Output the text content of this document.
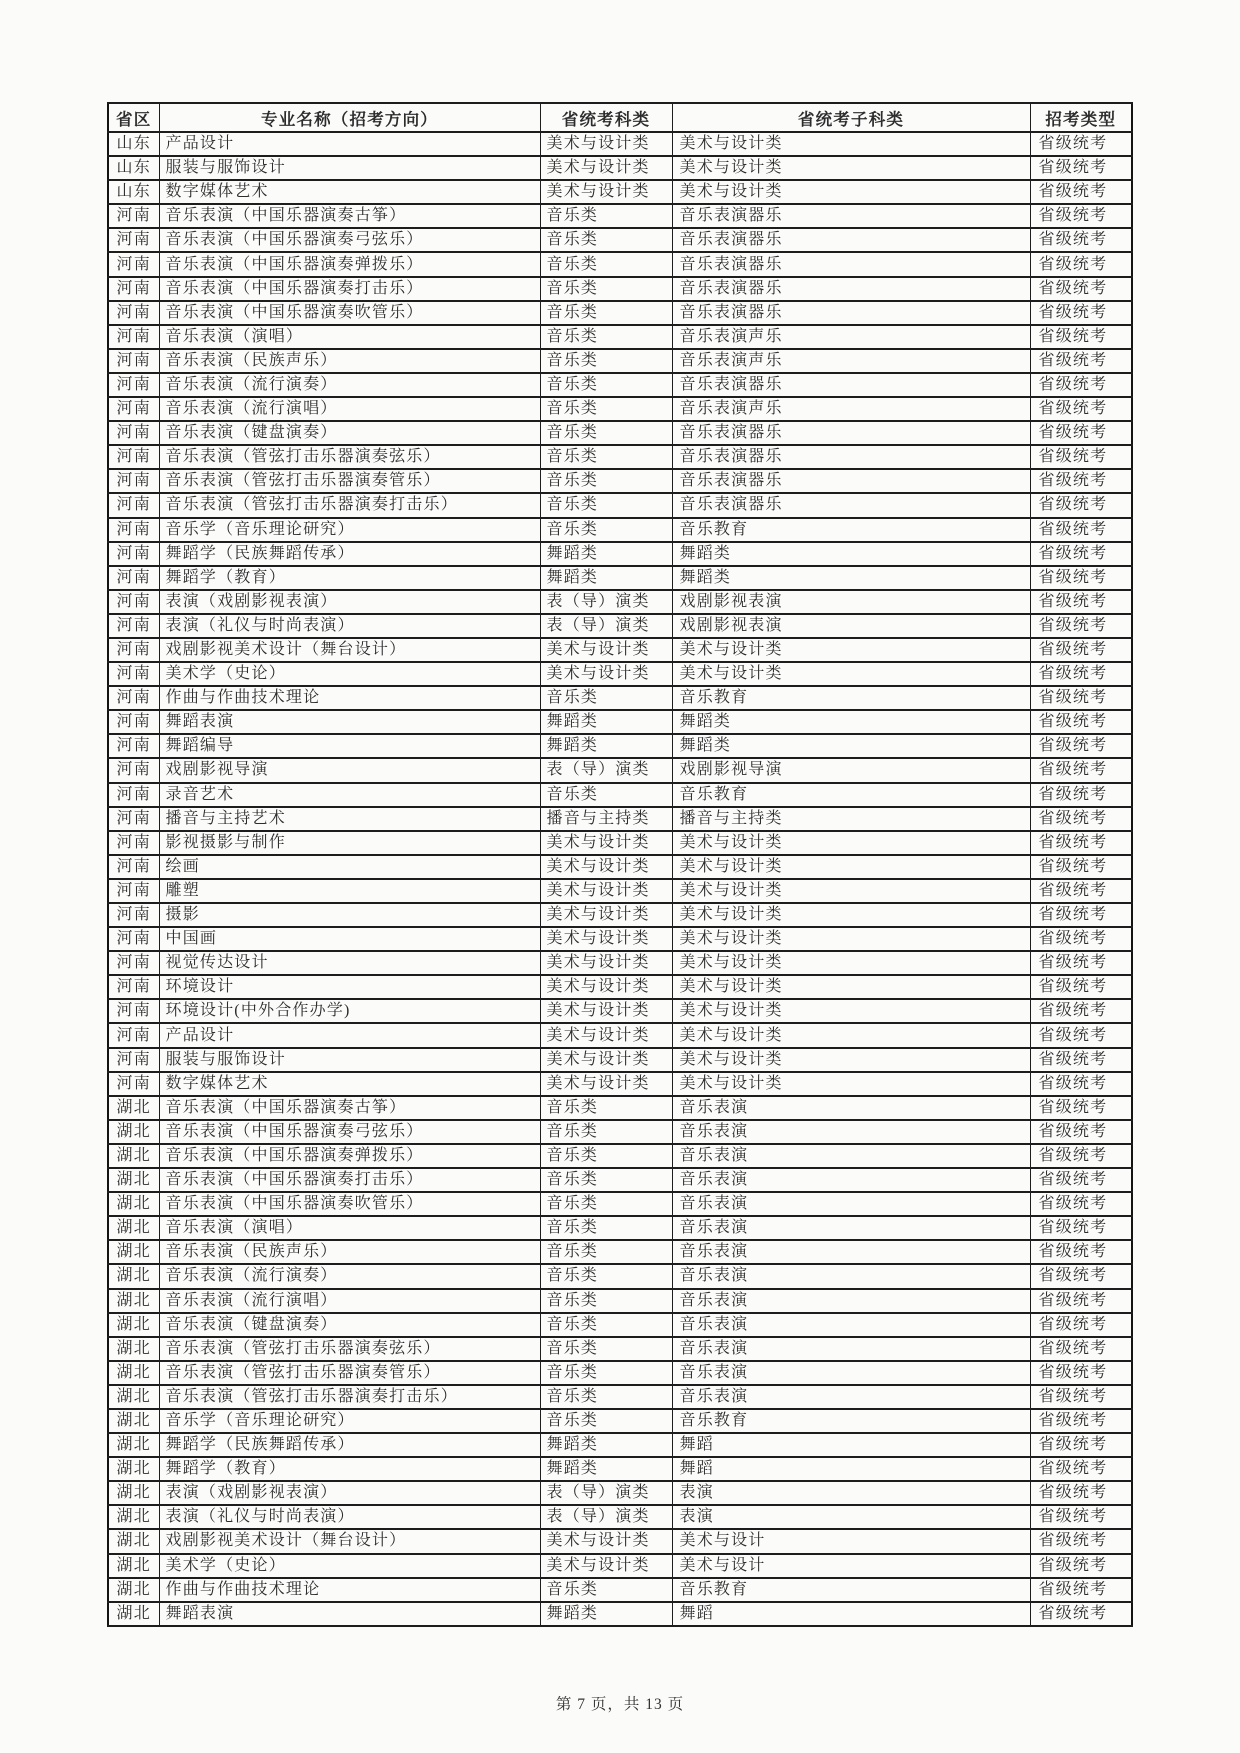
省区	专业名称（招考方向）	省统考科类	省统考子科类	招考类型
山东	产品设计	美术与设计类	美术与设计类	省级统考
山东	服装与服饰设计	美术与设计类	美术与设计类	省级统考
山东	数字媒体艺术	美术与设计类	美术与设计类	省级统考
河南	音乐表演（中国乐器演奏古筝）	音乐类	音乐表演器乐	省级统考
河南	音乐表演（中国乐器演奏弓弦乐）	音乐类	音乐表演器乐	省级统考
河南	音乐表演（中国乐器演奏弹拨乐）	音乐类	音乐表演器乐	省级统考
河南	音乐表演（中国乐器演奏打击乐）	音乐类	音乐表演器乐	省级统考
河南	音乐表演（中国乐器演奏吹管乐）	音乐类	音乐表演器乐	省级统考
河南	音乐表演（演唱）	音乐类	音乐表演声乐	省级统考
河南	音乐表演（民族声乐）	音乐类	音乐表演声乐	省级统考
河南	音乐表演（流行演奏）	音乐类	音乐表演器乐	省级统考
河南	音乐表演（流行演唱）	音乐类	音乐表演声乐	省级统考
河南	音乐表演（键盘演奏）	音乐类	音乐表演器乐	省级统考
河南	音乐表演（管弦打击乐器演奏弦乐）	音乐类	音乐表演器乐	省级统考
河南	音乐表演（管弦打击乐器演奏管乐）	音乐类	音乐表演器乐	省级统考
河南	音乐表演（管弦打击乐器演奏打击乐）	音乐类	音乐表演器乐	省级统考
河南	音乐学（音乐理论研究）	音乐类	音乐教育	省级统考
河南	舞蹈学（民族舞蹈传承）	舞蹈类	舞蹈类	省级统考
河南	舞蹈学（教育）	舞蹈类	舞蹈类	省级统考
河南	表演（戏剧影视表演）	表（导）演类	戏剧影视表演	省级统考
河南	表演（礼仪与时尚表演）	表（导）演类	戏剧影视表演	省级统考
河南	戏剧影视美术设计（舞台设计）	美术与设计类	美术与设计类	省级统考
河南	美术学（史论）	美术与设计类	美术与设计类	省级统考
河南	作曲与作曲技术理论	音乐类	音乐教育	省级统考
河南	舞蹈表演	舞蹈类	舞蹈类	省级统考
河南	舞蹈编导	舞蹈类	舞蹈类	省级统考
河南	戏剧影视导演	表（导）演类	戏剧影视导演	省级统考
河南	录音艺术	音乐类	音乐教育	省级统考
河南	播音与主持艺术	播音与主持类	播音与主持类	省级统考
河南	影视摄影与制作	美术与设计类	美术与设计类	省级统考
河南	绘画	美术与设计类	美术与设计类	省级统考
河南	雕塑	美术与设计类	美术与设计类	省级统考
河南	摄影	美术与设计类	美术与设计类	省级统考
河南	中国画	美术与设计类	美术与设计类	省级统考
河南	视觉传达设计	美术与设计类	美术与设计类	省级统考
河南	环境设计	美术与设计类	美术与设计类	省级统考
河南	环境设计(中外合作办学)	美术与设计类	美术与设计类	省级统考
河南	产品设计	美术与设计类	美术与设计类	省级统考
河南	服装与服饰设计	美术与设计类	美术与设计类	省级统考
河南	数字媒体艺术	美术与设计类	美术与设计类	省级统考
湖北	音乐表演（中国乐器演奏古筝）	音乐类	音乐表演	省级统考
湖北	音乐表演（中国乐器演奏弓弦乐）	音乐类	音乐表演	省级统考
湖北	音乐表演（中国乐器演奏弹拨乐）	音乐类	音乐表演	省级统考
湖北	音乐表演（中国乐器演奏打击乐）	音乐类	音乐表演	省级统考
湖北	音乐表演（中国乐器演奏吹管乐）	音乐类	音乐表演	省级统考
湖北	音乐表演（演唱）	音乐类	音乐表演	省级统考
湖北	音乐表演（民族声乐）	音乐类	音乐表演	省级统考
湖北	音乐表演（流行演奏）	音乐类	音乐表演	省级统考
湖北	音乐表演（流行演唱）	音乐类	音乐表演	省级统考
湖北	音乐表演（键盘演奏）	音乐类	音乐表演	省级统考
湖北	音乐表演（管弦打击乐器演奏弦乐）	音乐类	音乐表演	省级统考
湖北	音乐表演（管弦打击乐器演奏管乐）	音乐类	音乐表演	省级统考
湖北	音乐表演（管弦打击乐器演奏打击乐）	音乐类	音乐表演	省级统考
湖北	音乐学（音乐理论研究）	音乐类	音乐教育	省级统考
湖北	舞蹈学（民族舞蹈传承）	舞蹈类	舞蹈	省级统考
湖北	舞蹈学（教育）	舞蹈类	舞蹈	省级统考
湖北	表演（戏剧影视表演）	表（导）演类	表演	省级统考
湖北	表演（礼仪与时尚表演）	表（导）演类	表演	省级统考
湖北	戏剧影视美术设计（舞台设计）	美术与设计类	美术与设计	省级统考
湖北	美术学（史论）	美术与设计类	美术与设计	省级统考
湖北	作曲与作曲技术理论	音乐类	音乐教育	省级统考
湖北	舞蹈表演	舞蹈类	舞蹈	省级统考
第 7 页，共 13 页
